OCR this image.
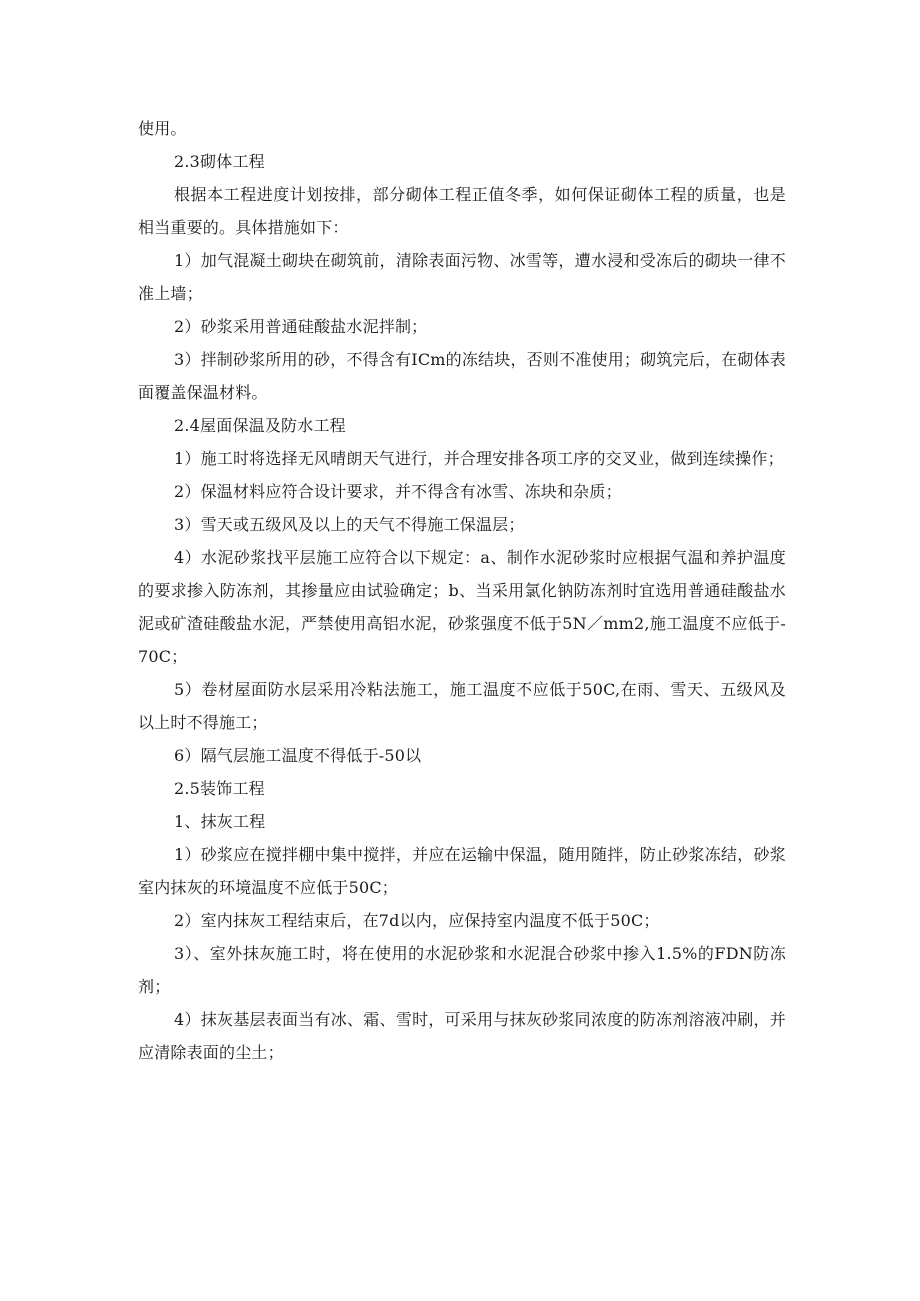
使用。

2.3砌体工程

根据本工程进度计划按排，部分砌体工程正值冬季，如何保证砌体工程的质量，也是相当重要的。具体措施如下：

1）加气混凝土砌块在砌筑前，清除表面污物、冰雪等，遭水浸和受冻后的砌块一律不准上墙；

2）砂浆采用普通硅酸盐水泥拌制；

3）拌制砂浆所用的砂，不得含有ICm的冻结块，否则不准使用；砌筑完后，在砌体表面覆盖保温材料。

2.4屋面保温及防水工程

1）施工时将选择无风晴朗天气进行，并合理安排各项工序的交叉业，做到连续操作；

2）保温材料应符合设计要求，并不得含有冰雪、冻块和杂质；

3）雪天或五级风及以上的天气不得施工保温层；

4）水泥砂浆找平层施工应符合以下规定：a、制作水泥砂浆时应根据气温和养护温度的要求掺入防冻剂，其掺量应由试验确定；b、当采用氯化钠防冻剂时宜选用普通硅酸盐水泥或矿渣硅酸盐水泥，严禁使用高铝水泥，砂浆强度不低于5N／mm2,施工温度不应低于-70C；

5）卷材屋面防水层采用冷粘法施工，施工温度不应低于50C,在雨、雪天、五级风及以上时不得施工；

6）隔气层施工温度不得低于-50以

2.5装饰工程

1、抹灰工程

1）砂浆应在搅拌棚中集中搅拌，并应在运输中保温，随用随拌，防止砂浆冻结，砂浆室内抹灰的环境温度不应低于50C；

2）室内抹灰工程结束后，在7d以内，应保持室内温度不低于50C；

3）、室外抹灰施工时，将在使用的水泥砂浆和水泥混合砂浆中掺入1.5%的FDN防冻剂；

4）抹灰基层表面当有冰、霜、雪时，可采用与抹灰砂浆同浓度的防冻剂溶液冲刷，并应清除表面的尘土；
